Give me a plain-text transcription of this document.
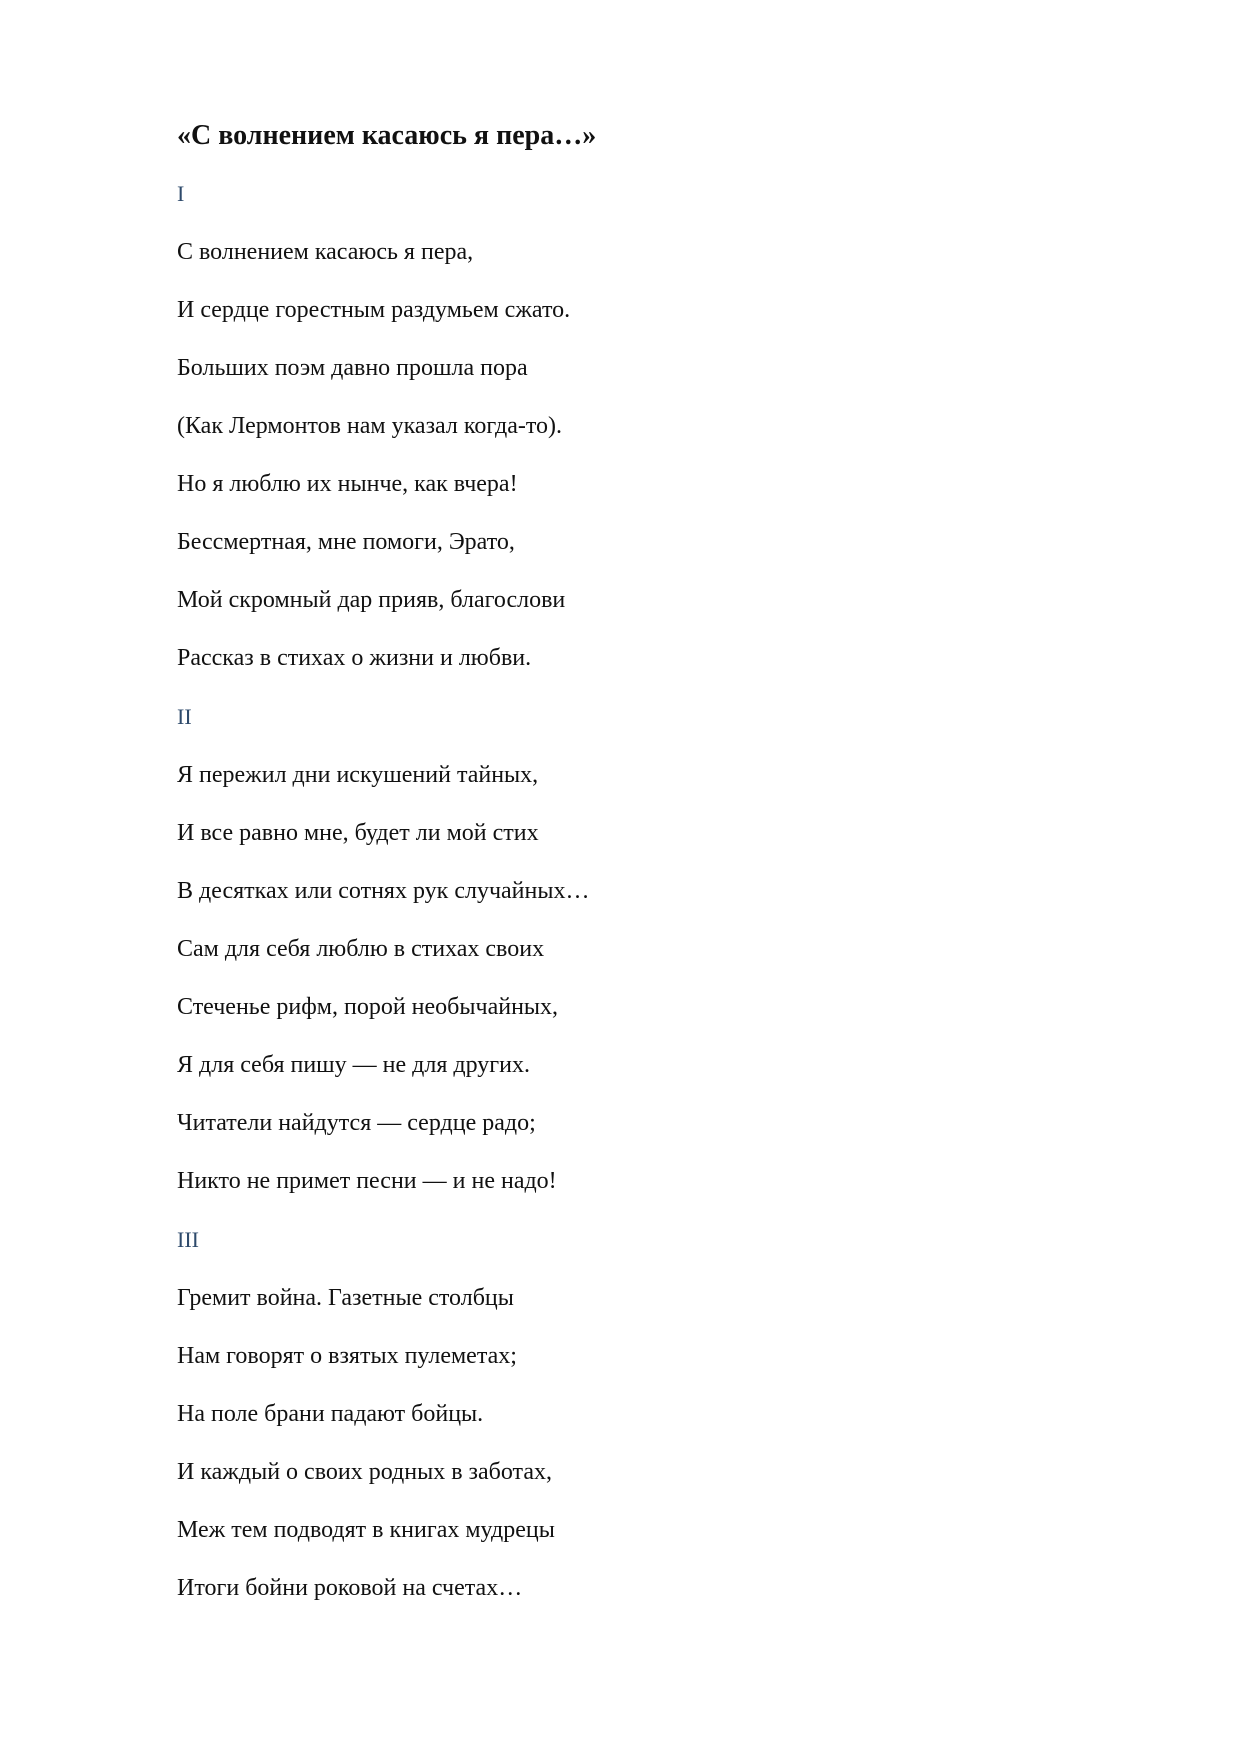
«С волнением касаюсь я пера…»
I
С волнением касаюсь я пера,
И сердце горестным раздумьем сжато.
Больших поэм давно прошла пора
(Как Лермонтов нам указал когда-то).
Но я люблю их нынче, как вчера!
Бессмертная, мне помоги, Эрато,
Мой скромный дар прияв, благослови
Рассказ в стихах о жизни и любви.
II
Я пережил дни искушений тайных,
И все равно мне, будет ли мой стих
В десятках или сотнях рук случайных…
Сам для себя люблю в стихах своих
Стеченье рифм, порой необычайных,
Я для себя пишу — не для других.
Читатели найдутся — сердце радо;
Никто не примет песни — и не надо!
III
Гремит война. Газетные столбцы
Нам говорят о взятых пулеметах;
На поле брани падают бойцы.
И каждый о своих родных в заботах,
Меж тем подводят в книгах мудрецы
Итоги бойни роковой на счетах…
